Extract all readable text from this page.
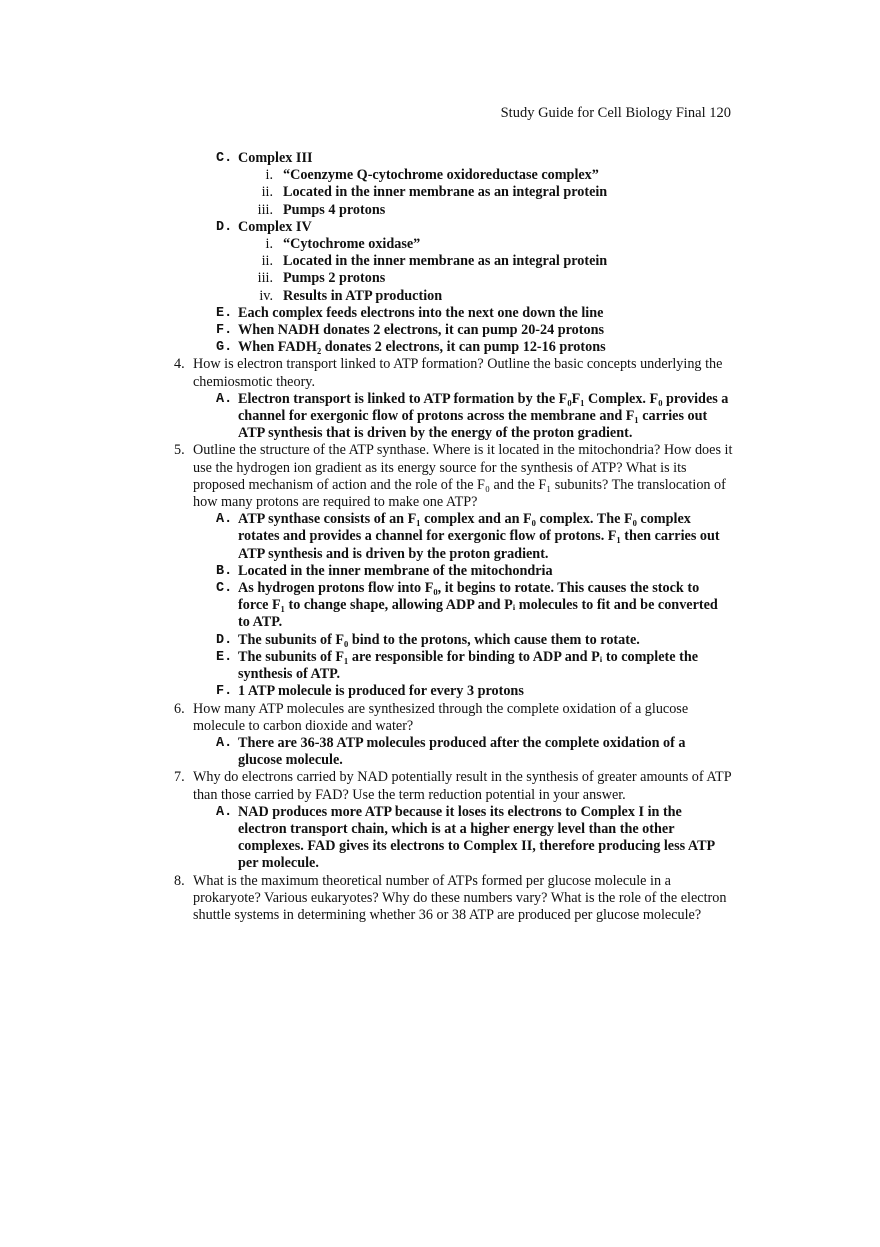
Study Guide for Cell Biology Final 120
C. Complex III
i. “Coenzyme Q-cytochrome oxidoreductase complex”
ii. Located in the inner membrane as an integral protein
iii. Pumps 4 protons
D. Complex IV
i. “Cytochrome oxidase”
ii. Located in the inner membrane as an integral protein
iii. Pumps 2 protons
iv. Results in ATP production
E. Each complex feeds electrons into the next one down the line
F. When NADH donates 2 electrons, it can pump 20-24 protons
G. When FADH₂ donates 2 electrons, it can pump 12-16 protons
4. How is electron transport linked to ATP formation? Outline the basic concepts underlying the chemiosmotic theory.
A. Electron transport is linked to ATP formation by the F₀F₁ Complex. F₀ provides a channel for exergonic flow of protons across the membrane and F₁ carries out ATP synthesis that is driven by the energy of the proton gradient.
5. Outline the structure of the ATP synthase. Where is it located in the mitochondria? How does it use the hydrogen ion gradient as its energy source for the synthesis of ATP? What is its proposed mechanism of action and the role of the F₀ and the F₁ subunits? The translocation of how many protons are required to make one ATP?
A. ATP synthase consists of an F₁ complex and an F₀ complex. The F₀ complex rotates and provides a channel for exergonic flow of protons. F₁ then carries out ATP synthesis and is driven by the proton gradient.
B. Located in the inner membrane of the mitochondria
C. As hydrogen protons flow into F₀, it begins to rotate. This causes the stock to force F₁ to change shape, allowing ADP and Pᵢ molecules to fit and be converted to ATP.
D. The subunits of F₀ bind to the protons, which cause them to rotate.
E. The subunits of F₁ are responsible for binding to ADP and Pᵢ to complete the synthesis of ATP.
F. 1 ATP molecule is produced for every 3 protons
6. How many ATP molecules are synthesized through the complete oxidation of a glucose molecule to carbon dioxide and water?
A. There are 36-38 ATP molecules produced after the complete oxidation of a glucose molecule.
7. Why do electrons carried by NAD potentially result in the synthesis of greater amounts of ATP than those carried by FAD? Use the term reduction potential in your answer.
A. NAD produces more ATP because it loses its electrons to Complex I in the electron transport chain, which is at a higher energy level than the other complexes. FAD gives its electrons to Complex II, therefore producing less ATP per molecule.
8. What is the maximum theoretical number of ATPs formed per glucose molecule in a prokaryote? Various eukaryotes? Why do these numbers vary? What is the role of the electron shuttle systems in determining whether 36 or 38 ATP are produced per glucose molecule?
